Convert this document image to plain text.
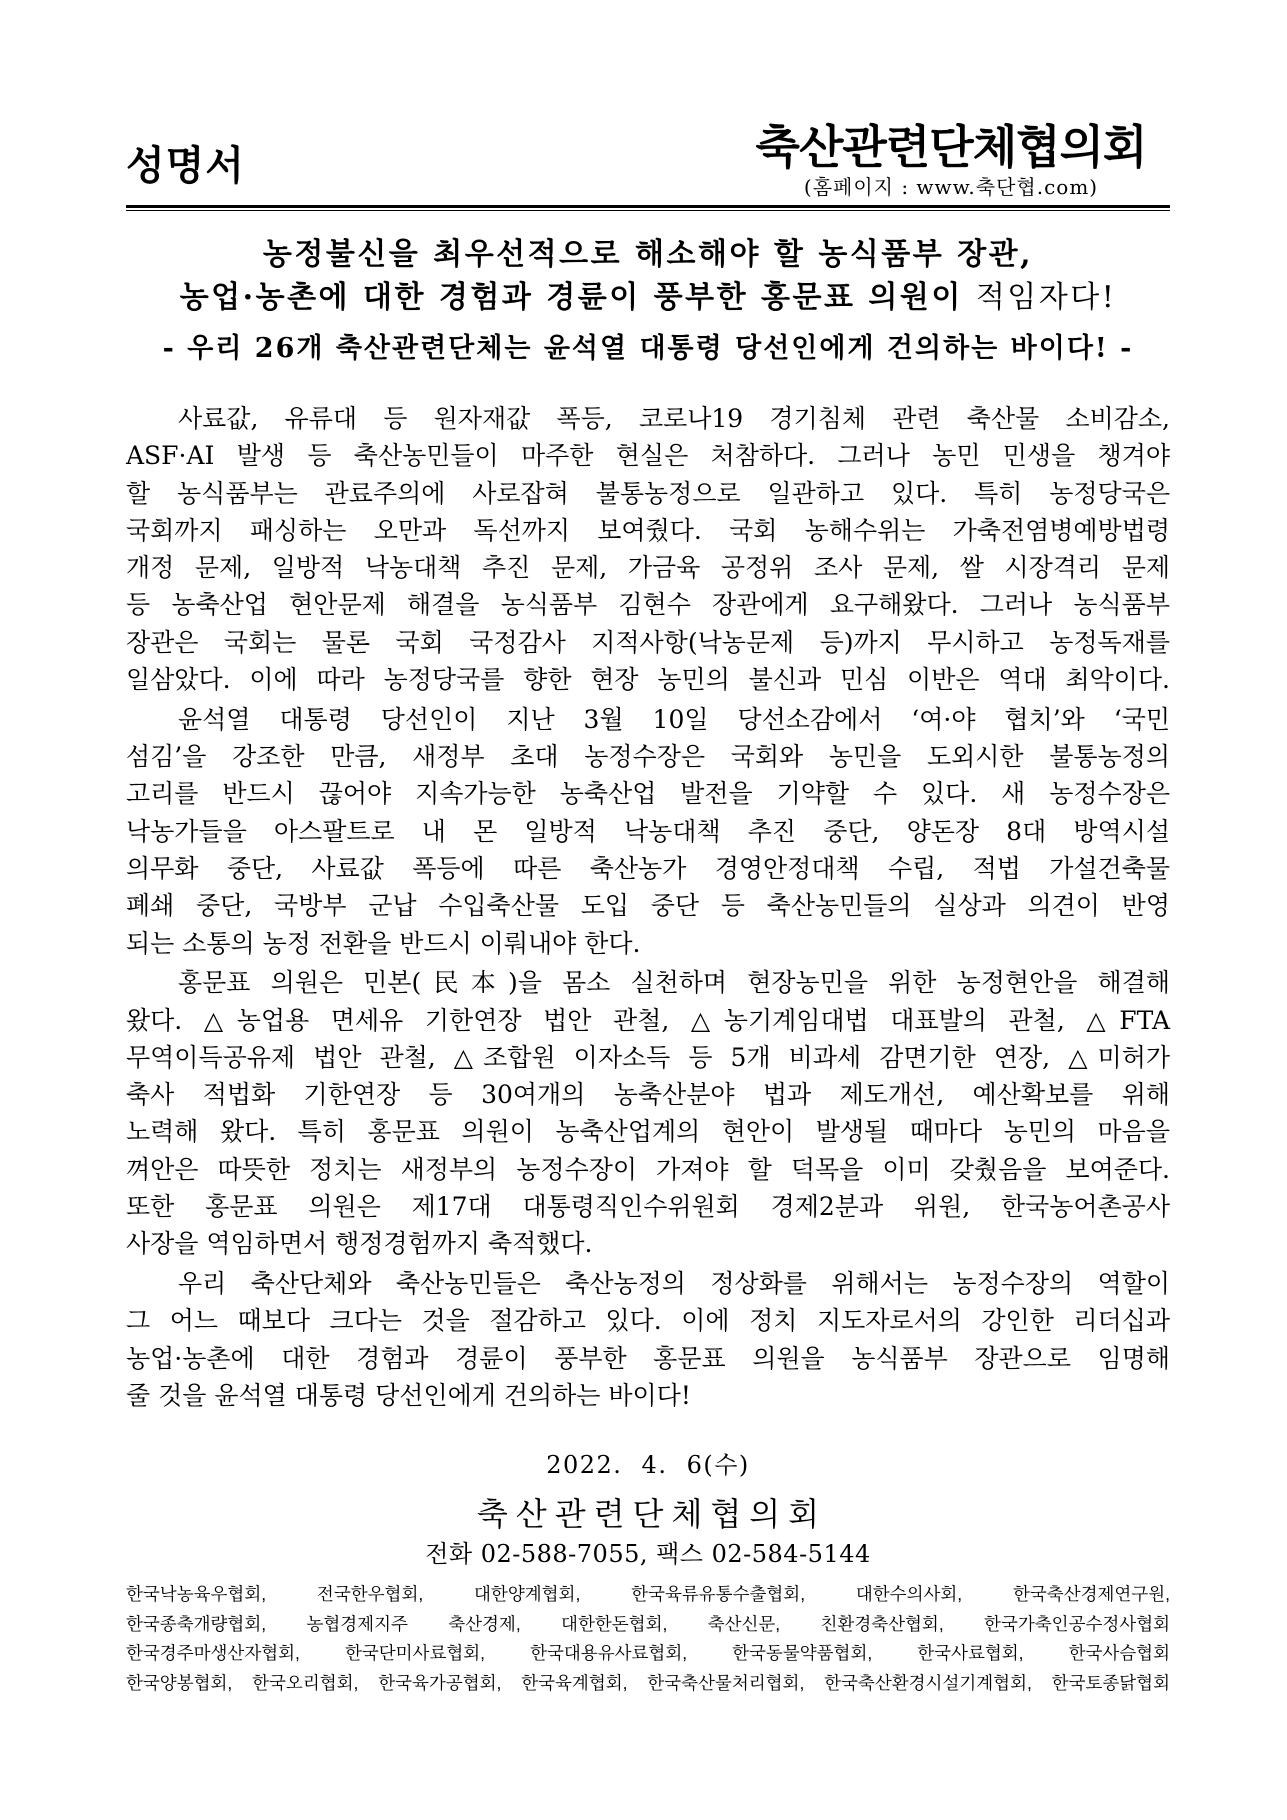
성명서	축산관련단체협의회
(홈페이지 : www.축단협.com)
농정불신을 최우선적으로 해소해야 할 농식품부 장관,
농업·농촌에 대한 경험과 경륜이 풍부한 홍문표 의원이 적임자다!
- 우리 26개 축산관련단체는 윤석열 대통령 당선인에게 건의하는 바이다! -
사료값, 유류대 등 원자재값 폭등, 코로나19 경기침체 관련 축산물 소비감소,
ASF·AI 발생 등 축산농민들이 마주한 현실은 처참하다. 그러나 농민 민생을 챙겨야
할 농식품부는 관료주의에 사로잡혀 불통농정으로 일관하고 있다. 특히 농정당국은
국회까지 패싱하는 오만과 독선까지 보여줬다. 국회 농해수위는 가축전염병예방법령
개정 문제, 일방적 낙농대책 추진 문제, 가금육 공정위 조사 문제, 쌀 시장격리 문제
등 농축산업 현안문제 해결을 농식품부 김현수 장관에게 요구해왔다. 그러나 농식품부
장관은 국회는 물론 국회 국정감사 지적사항(낙농문제 등)까지 무시하고 농정독재를
일삼았다. 이에 따라 농정당국를 향한 현장 농민의 불신과 민심 이반은 역대 최악이다.
윤석열 대통령 당선인이 지난 3월 10일 당선소감에서 ‘여·야 협치’와 ‘국민
섬김’을 강조한 만큼, 새정부 초대 농정수장은 국회와 농민을 도외시한 불통농정의
고리를 반드시 끊어야 지속가능한 농축산업 발전을 기약할 수 있다. 새 농정수장은
낙농가들을 아스팔트로 내 몬 일방적 낙농대책 추진 중단, 양돈장 8대 방역시설
의무화 중단, 사료값 폭등에 따른 축산농가 경영안정대책 수립, 적법 가설건축물
폐쇄 중단, 국방부 군납 수입축산물 도입 중단 등 축산농민들의 실상과 의견이 반영
되는 소통의 농정 전환을 반드시 이뤄내야 한다.
홍문표 의원은 민본(民本)을 몸소 실천하며 현장농민을 위한 농정현안을 해결해
왔다. △농업용 면세유 기한연장 법안 관철, △농기계임대법 대표발의 관철, △FTA
무역이득공유제 법안 관철, △조합원 이자소득 등 5개 비과세 감면기한 연장, △미허가
축사 적법화 기한연장 등 30여개의 농축산분야 법과 제도개선, 예산확보를 위해
노력해 왔다. 특히 홍문표 의원이 농축산업계의 현안이 발생될 때마다 농민의 마음을
껴안은 따뜻한 정치는 새정부의 농정수장이 가져야 할 덕목을 이미 갖췄음을 보여준다.
또한 홍문표 의원은 제17대 대통령직인수위원회 경제2분과 위원, 한국농어촌공사
사장을 역임하면서 행정경험까지 축적했다.
우리 축산단체와 축산농민들은 축산농정의 정상화를 위해서는 농정수장의 역할이
그 어느 때보다 크다는 것을 절감하고 있다. 이에 정치 지도자로서의 강인한 리더십과
농업·농촌에 대한 경험과 경륜이 풍부한 홍문표 의원을 농식품부 장관으로 임명해
줄 것을 윤석열 대통령 당선인에게 건의하는 바이다!
2022. 4. 6(수)
축산관련단체협의회
전화 02-588-7055, 팩스 02-584-5144
한국낙농육우협회, 전국한우협회, 대한양계협회, 한국육류유통수출협회, 대한수의사회, 한국축산경제연구원,
한국종축개량협회, 농협경제지주 축산경제, 대한한돈협회, 축산신문, 친환경축산협회, 한국가축인공수정사협회
한국경주마생산자협회, 한국단미사료협회, 한국대용유사료협회, 한국동물약품협회, 한국사료협회, 한국사슴협회
한국양봉협회, 한국오리협회, 한국육가공협회, 한국육계협회, 한국축산물처리협회, 한국축산환경시설기계협회, 한국토종닭협회
